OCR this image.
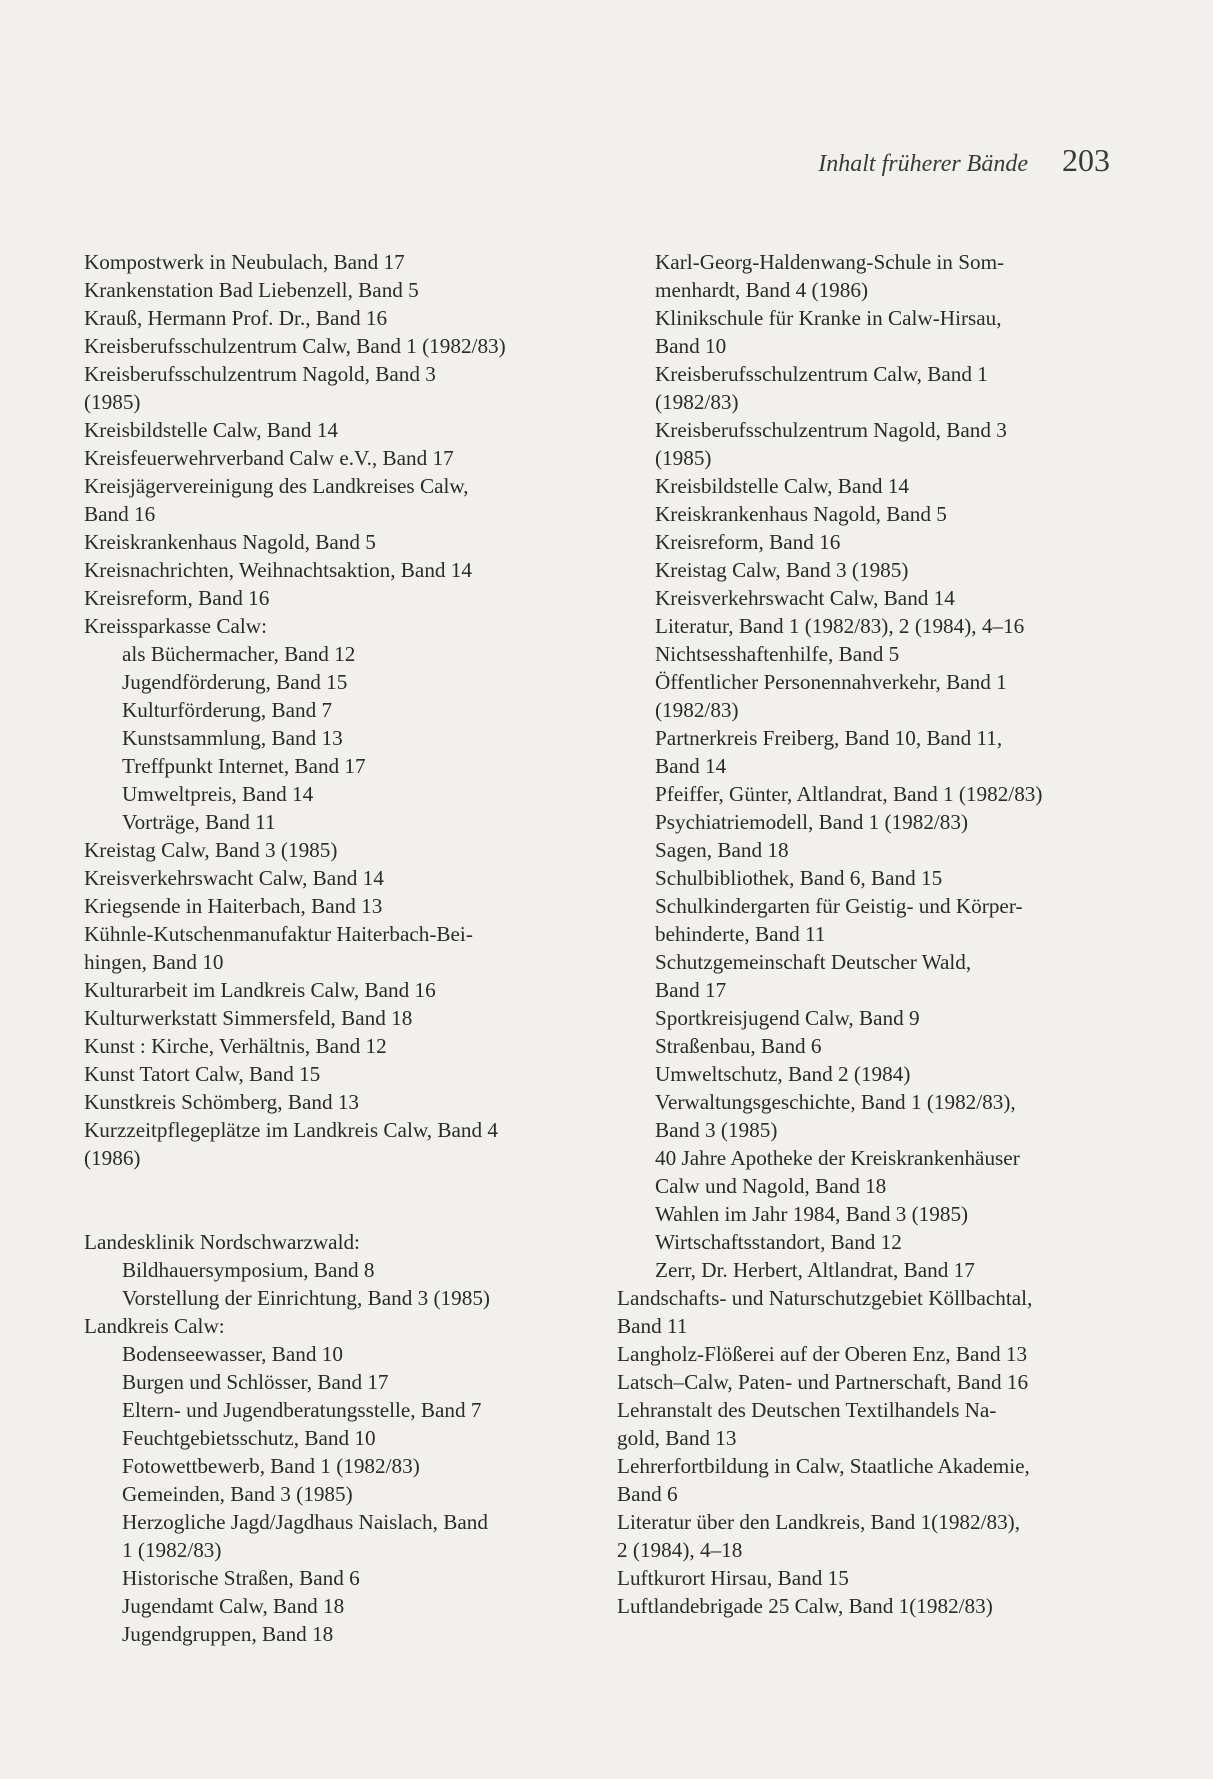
Inhalt früherer Bände 203
Kompostwerk in Neubulach, Band 17
Krankenstation Bad Liebenzell, Band 5
Krauß, Hermann Prof. Dr., Band 16
Kreisberufsschulzentrum Calw, Band 1 (1982/83)
Kreisberufsschulzentrum Nagold, Band 3
(1985)
Kreisbildstelle Calw, Band 14
Kreisfeuerwehrverband Calw e.V., Band 17
Kreisjägervereinigung des Landkreises Calw,
Band 16
Kreiskrankenhaus Nagold, Band 5
Kreisnachrichten, Weihnachtsaktion, Band 14
Kreisreform, Band 16
Kreissparkasse Calw:
als Büchermacher, Band 12
Jugendförderung, Band 15
Kulturförderung, Band 7
Kunstsammlung, Band 13
Treffpunkt Internet, Band 17
Umweltpreis, Band 14
Vorträge, Band 11
Kreistag Calw, Band 3 (1985)
Kreisverkehrswacht Calw, Band 14
Kriegsende in Haiterbach, Band 13
Kühnle-Kutschenmanufaktur Haiterbach-Bei-
hingen, Band 10
Kulturarbeit im Landkreis Calw, Band 16
Kulturwerkstatt Simmersfeld, Band 18
Kunst : Kirche, Verhältnis, Band 12
Kunst Tatort Calw, Band 15
Kunstkreis Schömberg, Band 13
Kurzzeitpflegeplätze im Landkreis Calw, Band 4
(1986)
Landesklinik Nordschwarzwald:
Bildhauersymposium, Band 8
Vorstellung der Einrichtung, Band 3 (1985)
Landkreis Calw:
Bodenseewasser, Band 10
Burgen und Schlösser, Band 17
Eltern- und Jugendberatungsstelle, Band 7
Feuchtgebietsschutz, Band 10
Fotowettbewerb, Band 1 (1982/83)
Gemeinden, Band 3 (1985)
Herzogliche Jagd/Jagdhaus Naislach, Band
1 (1982/83)
Historische Straßen, Band 6
Jugendamt Calw, Band 18
Jugendgruppen, Band 18
Karl-Georg-Haldenwang-Schule in Som-
menhardt, Band 4 (1986)
Klinikschule für Kranke in Calw-Hirsau,
Band 10
Kreisberufsschulzentrum Calw, Band 1
(1982/83)
Kreisberufsschulzentrum Nagold, Band 3
(1985)
Kreisbildstelle Calw, Band 14
Kreiskrankenhaus Nagold, Band 5
Kreisreform, Band 16
Kreistag Calw, Band 3 (1985)
Kreisverkehrswacht Calw, Band 14
Literatur, Band 1 (1982/83), 2 (1984), 4–16
Nichtsesshaftenhilfe, Band 5
Öffentlicher Personennahverkehr, Band 1
(1982/83)
Partnerkreis Freiberg, Band 10, Band 11,
Band 14
Pfeiffer, Günter, Altlandrat, Band 1 (1982/83)
Psychiatriemodell, Band 1 (1982/83)
Sagen, Band 18
Schulbibliothek, Band 6, Band 15
Schulkindergarten für Geistig- und Körper-
behinderte, Band 11
Schutzgemeinschaft Deutscher Wald,
Band 17
Sportkreisjugend Calw, Band 9
Straßenbau, Band 6
Umweltschutz, Band 2 (1984)
Verwaltungsgeschichte, Band 1 (1982/83),
Band 3 (1985)
40 Jahre Apotheke der Kreiskrankenhäuser
Calw und Nagold, Band 18
Wahlen im Jahr 1984, Band 3 (1985)
Wirtschaftsstandort, Band 12
Zerr, Dr. Herbert, Altlandrat, Band 17
Landschafts- und Naturschutzgebiet Köllbachtal,
Band 11
Langholz-Flößerei auf der Oberen Enz, Band 13
Latsch–Calw, Paten- und Partnerschaft, Band 16
Lehranstalt des Deutschen Textilhandels Na-
gold, Band 13
Lehrerfortbildung in Calw, Staatliche Akademie,
Band 6
Literatur über den Landkreis, Band 1(1982/83),
2 (1984), 4–18
Luftkurort Hirsau, Band 15
Luftlandebrigade 25 Calw, Band 1(1982/83)
